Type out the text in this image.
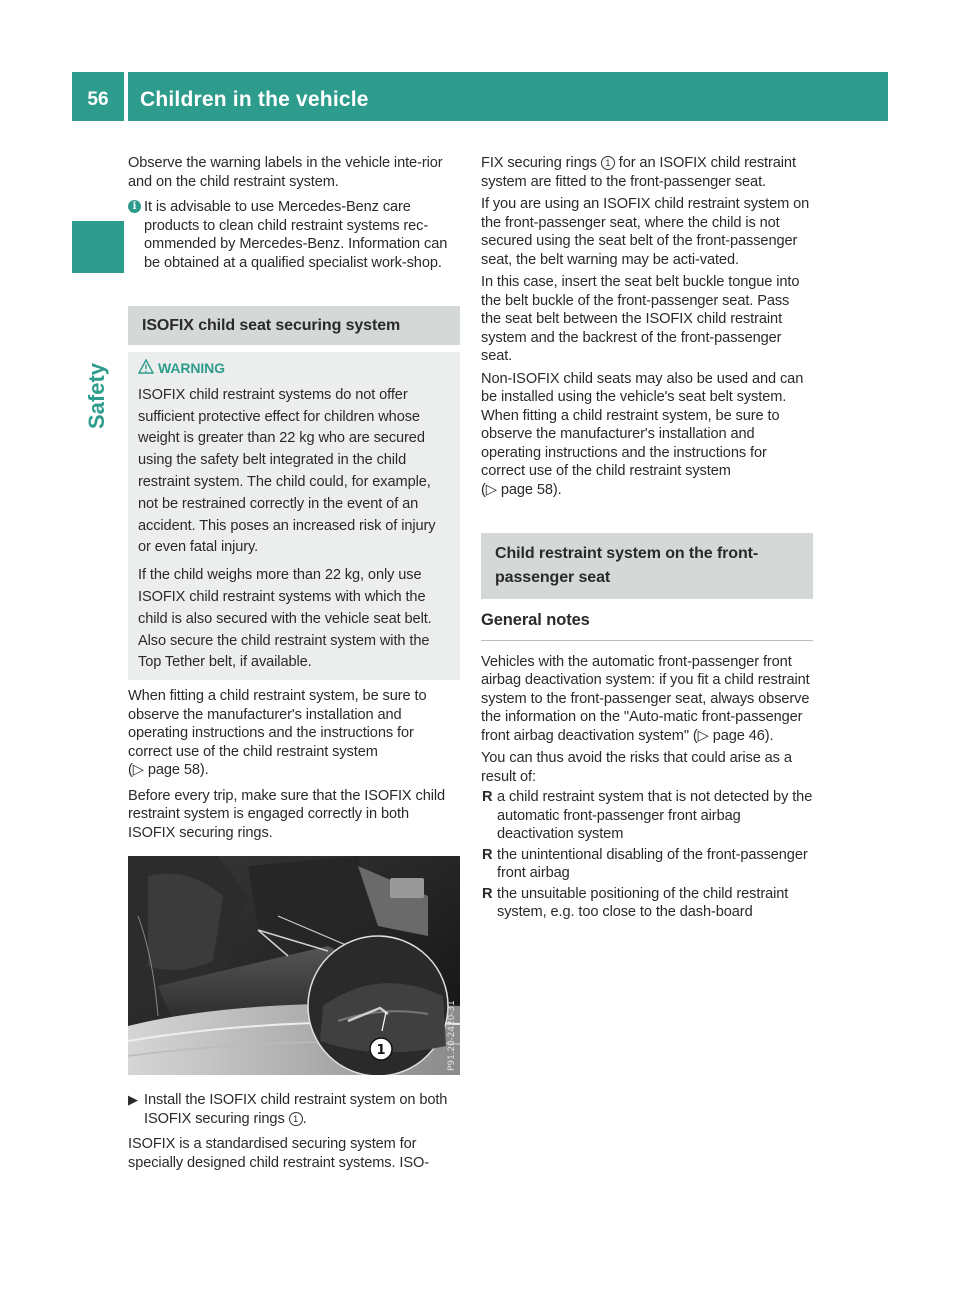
56	Children in the vehicle
Safety

Observe the warning labels in the vehicle inte-rior and on the child restraint system.

i It is advisable to use Mercedes-Benz care products to clean child restraint systems rec-ommended by Mercedes-Benz. Information can be obtained at a qualified specialist work-shop.
ISOFIX child seat securing system
WARNING

ISOFIX child restraint systems do not offer sufficient protective effect for children whose weight is greater than 22 kg who are secured using the safety belt integrated in the child restraint system. The child could, for example, not be restrained correctly in the event of an accident. This poses an increased risk of injury or even fatal injury.

If the child weighs more than 22 kg, only use ISOFIX child restraint systems with which the child is also secured with the vehicle seat belt. Also secure the child restraint system with the Top Tether belt, if available.

When fitting a child restraint system, be sure to observe the manufacturer's installation and operating instructions and the instructions for correct use of the child restraint system
(▷ page 58).

Before every trip, make sure that the ISOFIX child restraint system is engaged correctly in both ISOFIX securing rings.

1	P91.20-2420-31
▶ Install the ISOFIX child restraint system on both ISOFIX securing rings 1 .

ISOFIX is a standardised securing system for specially designed child restraint systems. ISO-

FIX securing rings 1 for an ISOFIX child restraint system are fitted to the front-passenger seat.

If you are using an ISOFIX child restraint system on the front-passenger seat, where the child is not secured using the seat belt of the front-passenger seat, the belt warning may be acti-vated.

In this case, insert the seat belt buckle tongue into the belt buckle of the front-passenger seat. Pass the seat belt between the ISOFIX child restraint system and the backrest of the front-passenger seat.

Non-ISOFIX child seats may also be used and can be installed using the vehicle's seat belt system. When fitting a child restraint system, be sure to observe the manufacturer's installation and operating instructions and the instructions for correct use of the child restraint system
(▷ page 58).

Child restraint system on the front-passenger seat
General notes

Vehicles with the automatic front-passenger front airbag deactivation system: if you fit a child restraint system to the front-passenger seat, always observe the information on the "Auto-matic front-passenger front airbag deactivation system" (▷ page 46).

You can thus avoid the risks that could arise as a result of:

R a child restraint system that is not detected by the automatic front-passenger front airbag deactivation system
R the unintentional disabling of the front-passenger front airbag
R the unsuitable positioning of the child restraint system, e.g. too close to the dash-board
